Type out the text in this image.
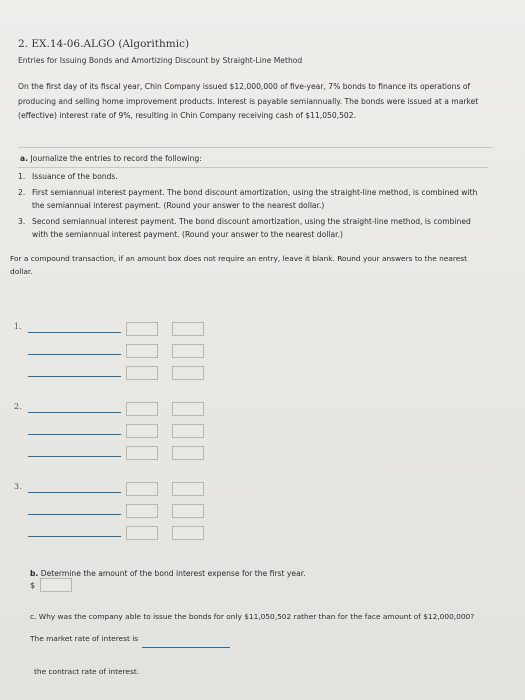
2. EX.14-06.ALGO (Algorithmic)
Entries for Issuing Bonds and Amortizing Discount by Straight-Line Method
On the first day of its fiscal year, Chin Company issued $12,000,000 of five-year, 7% bonds to finance its operations of producing and selling home improvement products. Interest is payable semiannually. The bonds were issued at a market (effective) interest rate of 9%, resulting in Chin Company receiving cash of $11,050,502.
a. Journalize the entries to record the following:
1. Issuance of the bonds.
2. First semiannual interest payment. The bond discount amortization, using the straight-line method, is combined with the semiannual interest payment. (Round your answer to the nearest dollar.)
3. Second semiannual interest payment. The bond discount amortization, using the straight-line method, is combined with the semiannual interest payment. (Round your answer to the nearest dollar.)
For a compound transaction, if an amount box does not require an entry, leave it blank. Round your answers to the nearest dollar.
1.
2.
3.
b. Determine the amount of the bond interest expense for the first year.
$
c. Why was the company able to issue the bonds for only $11,050,502 rather than for the face amount of $12,000,000?
The market rate of interest is
the contract rate of interest.
